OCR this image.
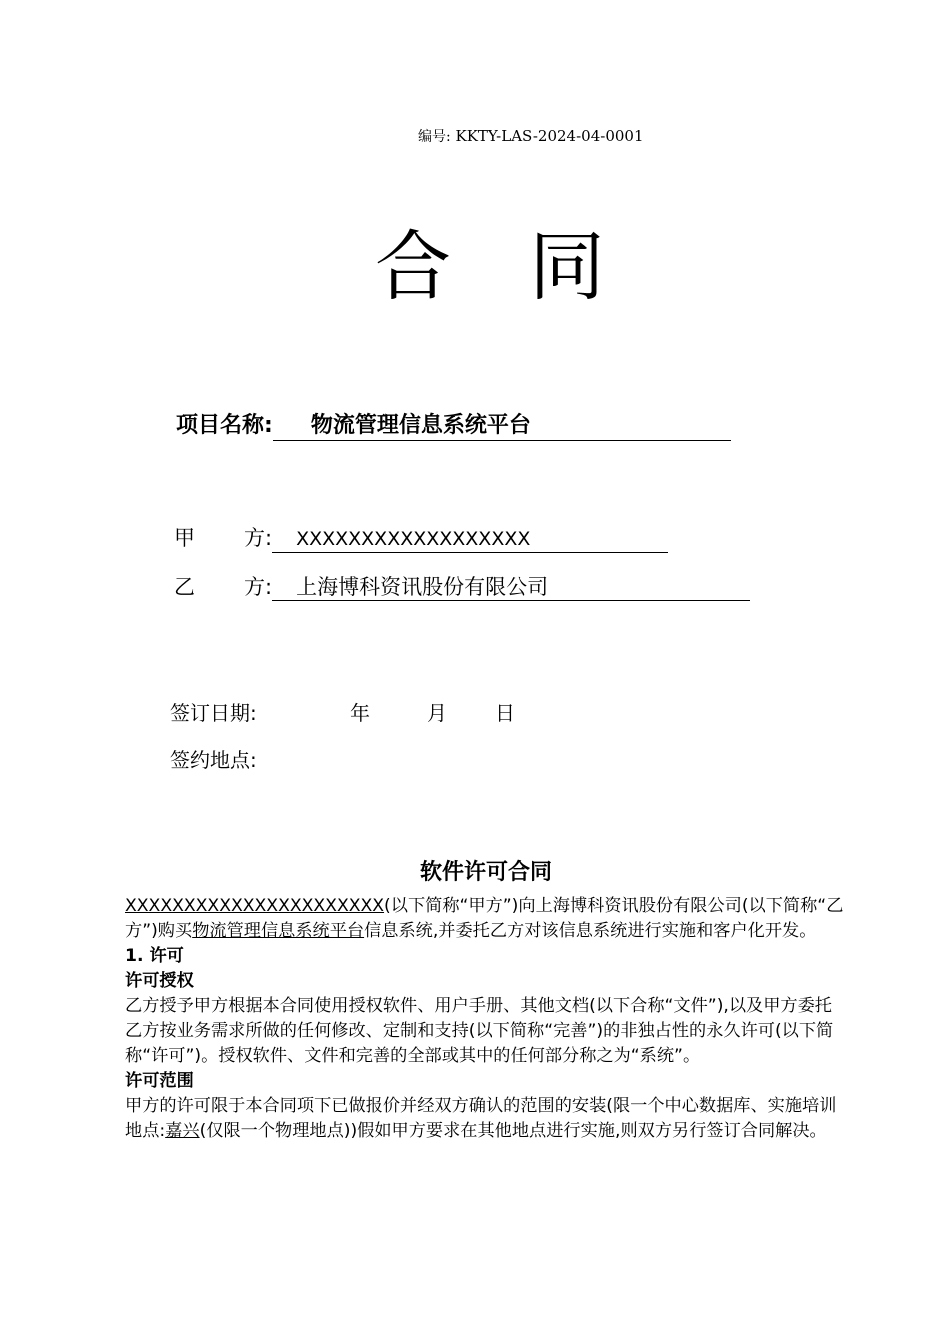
编号: KKTY-LAS-2024-04-0001
合 同
项目名称: 物流管理信息系统平台
甲 方: XXXXXXXXXXXXXXXXXX
乙 方: 上海博科资讯股份有限公司
签订日期:	年	月 日
签约地点:
软件许可合同

XXXXXXXXXXXXXXXXXXXXXX(以下简称“甲方”)向上海博科资讯股份有限公司(以下简称“乙方”)购买物流管理信息系统平台信息系统,并委托乙方对该信息系统进行实施和客户化开发。

1. 许可

许可授权

乙方授予甲方根据本合同使用授权软件、用户手册、其他文档(以下合称“文件”),以及甲方委托乙方按业务需求所做的任何修改、定制和支持(以下简称“完善”)的非独占性的永久许可(以下简称“许可”)。授权软件、文件和完善的全部或其中的任何部分称之为“系统”。

许可范围

甲方的许可限于本合同项下已做报价并经双方确认的范围的安装(限一个中心数据库、实施培训地点:嘉兴(仅限一个物理地点))假如甲方要求在其他地点进行实施,则双方另行签订合同解决。
